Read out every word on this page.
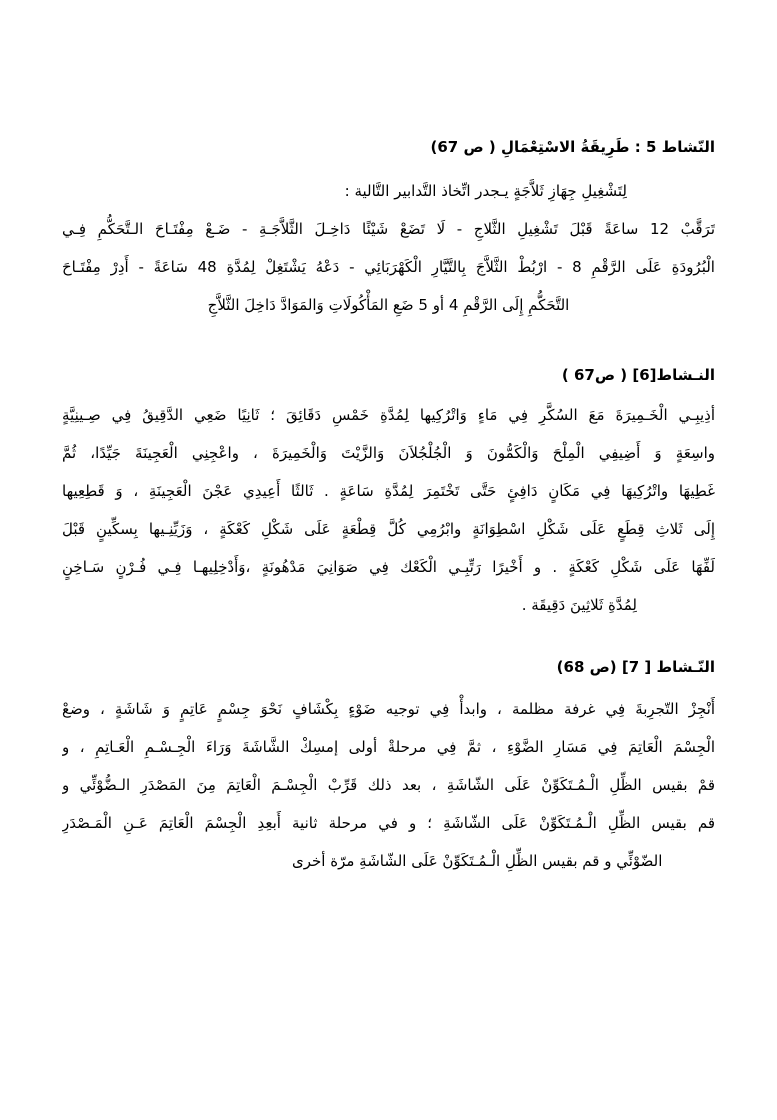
النّشاط 5 : طَرِيقَةُ الاسْتِعْمَالِ ( ص 67)
لِتَشْغِيلِ جِهَازِ ثَلاَّجَةٍ يـجدر اتِّخاذ التَّدابير التَّالية :
تَرَقَّبْ 12 ساعَةً قَبْلَ تَشْغِيلِ الثَّلاجِ - لَا تَضَعْ شَيْئًا دَاخِـلَ الثَّلاَّجَـةِ - ضَـعْ مِفْتَـاحَ الـتَّحَكُّمِ فِـي
الْبُرُودَةِ عَلَى الرَّقْمِ 8 - ارْبُطْ الثَّلاَّجَ بِالتَّيَّارِ الْكَهْرَبَائِي - دَعْهُ يَشْتَغِلْ لِمُدَّةِ 48 سَاعَةً - أَدِرْ مِفْتَـاحَ
التَّحَكُّمِ إِلَى الرَّقْمِ 4 أو 5 ضَعِ المَأْكُولَاتِ وَالمَوَادَّ دَاخِلَ الثَّلاَّجِ
النـشاط[6] ( ص67 )
أذِيبِـي الْخَـمِيرَةَ مَعَ السُكَّرِ فِي مَاءٍ وَاتْرُكِيها لِمُدَّةِ خَمْسِ دَقَائِقَ ؛ ثَانِيًا ضَعِي الدَّقِيقُ فِي صِـينِيَّةٍ
واسِعَةٍ وَ أَضِيفِي الْمِلْحَ وَالْكَمُّونَ وَ الْجُلْجُلاَنَ وَالزَّيْتَ وَالْخَمِيرَةَ ، واعْجِنِي الْعَجِينَةَ جَيِّدًا، ثُمَّ
غَطِيهَا واتْرُكِيهَا فِي مَكَانٍ دَافِئٍ حَتَّى تَخْتَمِرَ لِمُدَّةِ سَاعَةٍ . ثَالثًا أَعِيدِي عَجْنَ الْعَجِينَةِ ، وَ قَطِعِيها
إِلَى ثَلاثِ قِطَعٍ عَلَى شَكْلِ اسْطِوَانَةٍ وابْرُمِي كُلَّ قِطْعَةٍ عَلَى شَكْلِ كَعْكَةٍ ، وَزَيِّنِـيها بِسكِّينٍ قَبْلَ
لَفِّهَا عَلَى شَكْلِ كَعْكَةٍ . و أَخْيرًا رَتِّبِـي الْكَعْك فِي صَوَانِيَ مَدْهُونَةٍ ،وَأَدْخِلِيهـا فِـي فُـرْنٍ سَـاخِنٍ
لِمُدَّةِ ثَلاثِينَ دَقِيقَة .
النّـشاط [ 7] (ص 68)
أَنْجِزْ التّجرِبةَ فِي غرفة مظلمة ، وابدأْ فِي توجيه ضَوْءٍ بِكْشَافٍ نَحْوَ جِسْمٍ عَاتِمٍ وَ شَاشَةٍ ، وضعْ
الْجِسْمَ الْعَاتِمَ فِي مَسَارِ الضَّوْءِ ، ثمَّ فِي مرحلةْ أولى إمسِكْ الشَّاشَةَ وَرَاءَ الْجِـسْـمِ الْعَـاتِمِ ، و
قمْ بقيس الظِّلِ الْـمُـتَكَوِّنْ عَلَى الشّاشَةِ ، بعد ذلك قَرِّبْ الْجِسْـمَ الْعَاتِمَ مِنَ المَصْدَرِ الـضُّوْئِّي و
قم بقيس الظِّلِ الْـمُـتَكَوِّنْ عَلَى الشّاشَةِ ؛ و في مرحلة ثانية أَبعِدِ الْجِسْمَ الْعَاتِمَ عَـنِ الْمَـصْدَرِ
الضّوْئِّي و قم بقيس الظِّلِ الْـمُـتَكَوِّنْ عَلَى الشّاشَةِ مرّة أخرى
